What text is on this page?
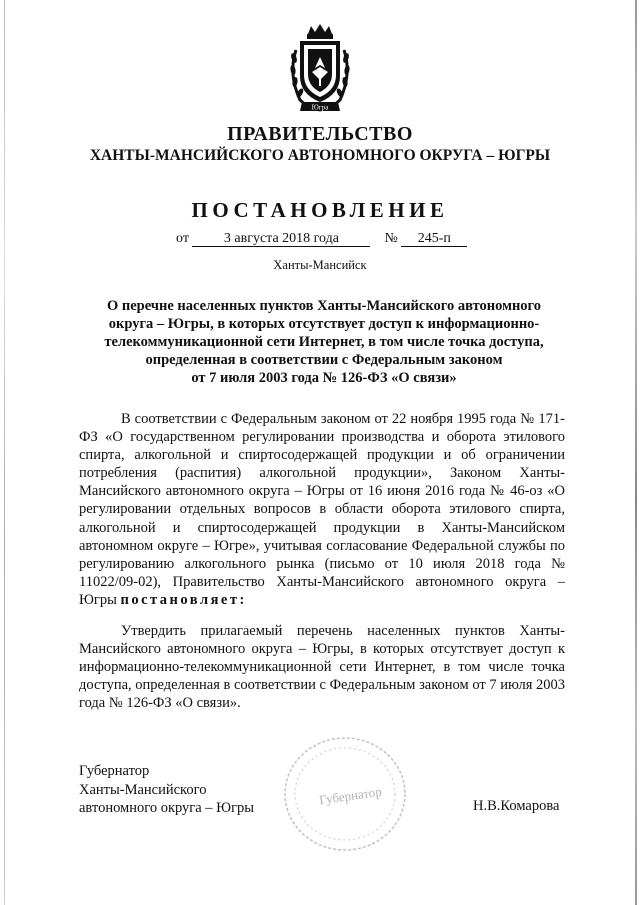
Югра
ПРАВИТЕЛЬСТВО
ХАНТЫ-МАНСИЙСКОГО АВТОНОМНОГО ОКРУГА – ЮГРЫ
ПОСТАНОВЛЕНИЕ
от 3 августа 2018 года	№ 245-п
Ханты-Мансийск
О перечне населенных пунктов Ханты-Мансийского автономного
округа – Югры, в которых отсутствует доступ к информационно-
телекоммуникационной сети Интернет, в том числе точка доступа,
определенная в соответствии с Федеральным законом
от 7 июля 2003 года № 126-ФЗ «О связи»
В соответствии с Федеральным законом от 22 ноября 1995 года № 171-ФЗ «О государственном регулировании производства и оборота этилового спирта, алкогольной и спиртосодержащей продукции и об ограничении потребления (распития) алкогольной продукции», Законом Ханты-Мансийского автономного округа – Югры от 16 июня 2016 года № 46-оз «О регулировании отдельных вопросов в области оборота этилового спирта, алкогольной и спиртосодержащей продукции в Ханты-Мансийском автономном округе – Югре», учитывая согласование Федеральной службы по регулированию алкогольного рынка (письмо от 10 июля 2018 года № 11022/09-02), Правительство Ханты-Мансийского автономного округа – Югры постановляет:
Утвердить прилагаемый перечень населенных пунктов Ханты-Мансийского автономного округа – Югры, в которых отсутствует доступ к информационно-телекоммуникационной сети Интернет, в том числе точка доступа, определенная в соответствии с Федеральным законом от 7 июля 2003 года № 126-ФЗ «О связи».
Губернатор
Губернатор
Ханты-Мансийского
автономного округа – Югры	Н.В.Комарова
